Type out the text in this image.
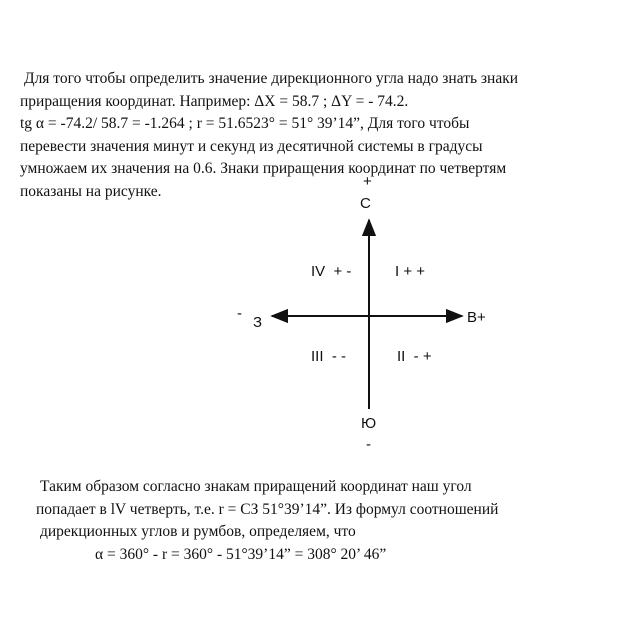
Для того чтобы определить значение дирекционного угла надо знать знаки
приращения координат. Например: ΔX = 58.7 ; ΔY = - 74.2.
tg α = -74.2/ 58.7 = -1.264 ; r = 51.6523° = 51° 39’14”, Для того чтобы
перевести значения минут и секунд из десятичной системы в градусы
умножаем их значения на 0.6. Знаки приращения координат по четвертям
показаны на рисунке.
+
С
IV  + -	I + +
-
З	В+
III  - -	II  - +
Ю
-
Таким образом согласно знакам приращений координат наш угол
попадает в lV четверть, т.е. r = СЗ 51°39’14”. Из формул соотношений
дирекционных углов и румбов, определяем, что
α = 360° - r = 360° - 51°39’14” = 308° 20’ 46”
